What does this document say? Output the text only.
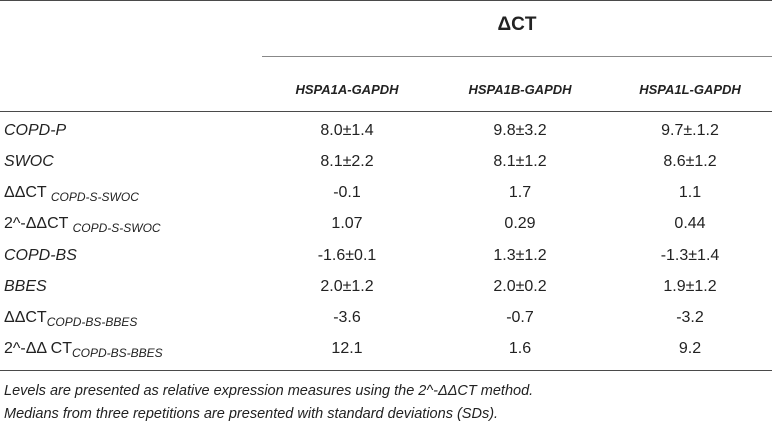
ΔCT
HSPA1A-GAPDH	HSPA1B-GAPDH	HSPA1L-GAPDH
COPD-P	8.0±1.4	9.8±3.2	9.7±.1.2
SWOC	8.1±2.2	8.1±1.2	8.6±1.2
ΔΔCT $_{COPD-S-SWOC}$	-0.1	1.7	1.1
2^-ΔΔCT $_{COPD-S-SWOC}$	1.07	0.29	0.44
COPD-BS	-1.6±0.1	1.3±1.2	-1.3±1.4
BBES	2.0±1.2	2.0±0.2	1.9±1.2
$\Delta\Delta CT_{COPD-BS-BBES}$	-3.6	-0.7	-3.2
2^-ΔΔ $CT_{COPD-BS-BBES}$	12.1	1.6	9.2

Levels are presented as relative expression measures using the 2^-ΔΔCT method.

Medians from three repetitions are presented with standard deviations (SDs).
